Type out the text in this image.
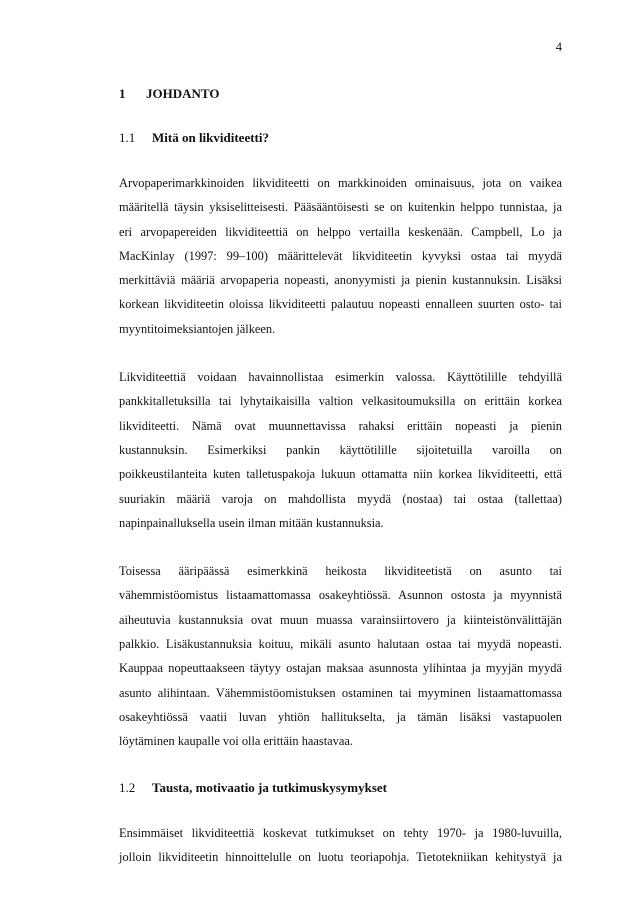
4
1	JOHDANTO
1.1	Mitä on likviditeetti?
Arvopaperimarkkinoiden likviditeetti on markkinoiden ominaisuus, jota on vaikea
määritellä täysin yksiselitteisesti. Pääsääntöisesti se on kuitenkin helppo tunnistaa, ja
eri arvopapereiden likviditeettiä on helppo vertailla keskenään. Campbell, Lo ja
MacKinlay (1997: 99–100) määrittelevät likviditeetin kyvyksi ostaa tai myydä
merkittäviä määriä arvopaperia nopeasti, anonyymisti ja pienin kustannuksin. Lisäksi
korkean likviditeetin oloissa likviditeetti palautuu nopeasti ennalleen suurten osto- tai
myyntitoimeksiantojen jälkeen.
Likviditeettiä voidaan havainnollistaa esimerkin valossa. Käyttötilille tehdyillä
pankkitalletuksilla tai lyhytaikaisilla valtion velkasitoumuksilla on erittäin korkea
likviditeetti. Nämä ovat muunnettavissa rahaksi erittäin nopeasti ja pienin
kustannuksin. Esimerkiksi pankin käyttötilille sijoitetuilla varoilla on
poikkeustilanteita kuten talletuspakoja lukuun ottamatta niin korkea likviditeetti, että
suuriakin määriä varoja on mahdollista myydä (nostaa) tai ostaa (tallettaa)
napinpainalluksella usein ilman mitään kustannuksia.
Toisessa ääripäässä esimerkkinä heikosta likviditeetistä on asunto tai
vähemmistöomistus listaamattomassa osakeyhtiössä. Asunnon ostosta ja myynnistä
aiheutuvia kustannuksia ovat muun muassa varainsiirtovero ja kiinteistönvälittäjän
palkkio. Lisäkustannuksia koituu, mikäli asunto halutaan ostaa tai myydä nopeasti.
Kauppaa nopeuttaakseen täytyy ostajan maksaa asunnosta ylihintaa ja myyjän myydä
asunto alihintaan. Vähemmistöomistuksen ostaminen tai myyminen listaamattomassa
osakeyhtiössä vaatii luvan yhtiön hallitukselta, ja tämän lisäksi vastapuolen
löytäminen kaupalle voi olla erittäin haastavaa.
1.2	Tausta, motivaatio ja tutkimuskysymykset
Ensimmäiset likviditeettiä koskevat tutkimukset on tehty 1970- ja 1980-luvuilla,
jolloin likviditeetin hinnoittelulle on luotu teoriapohja. Tietotekniikan kehitystyä ja
